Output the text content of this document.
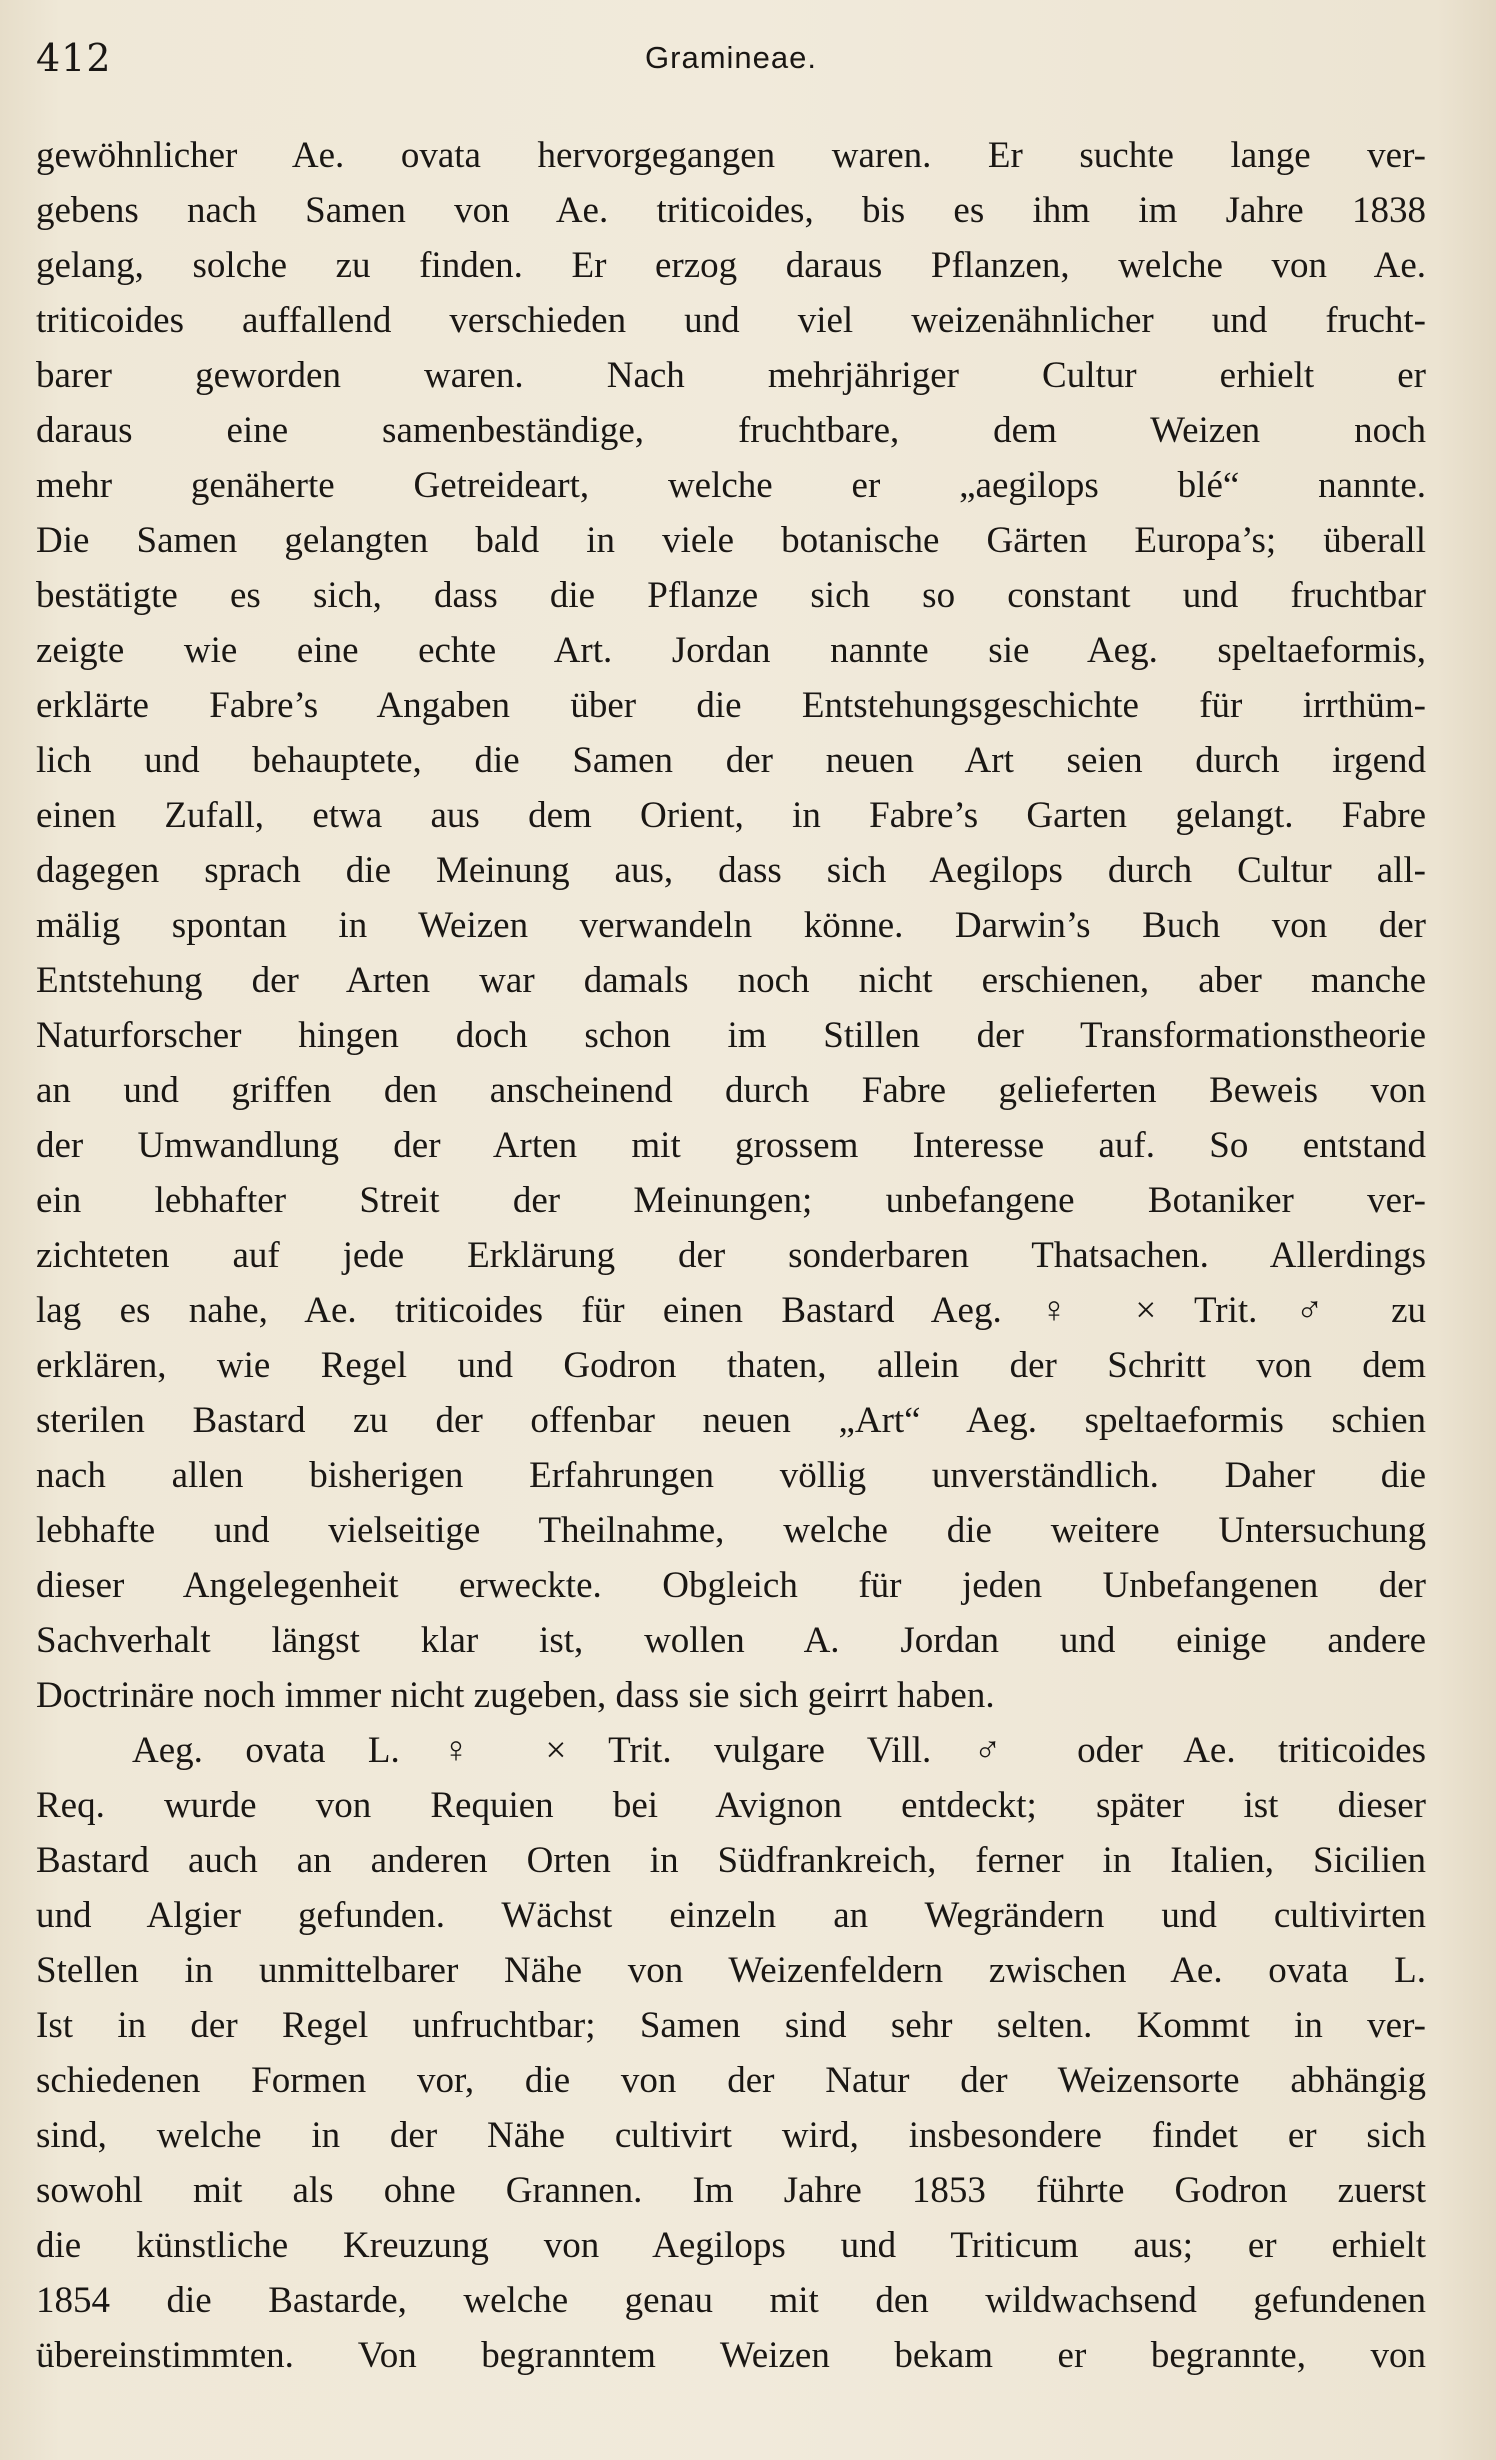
412	Gramineae.
gewöhnlicher Ae. ovata hervorgegangen waren. Er suchte lange ver-
gebens nach Samen von Ae. triticoides, bis es ihm im Jahre 1838
gelang, solche zu finden. Er erzog daraus Pflanzen, welche von Ae.
triticoides auffallend verschieden und viel weizenähnlicher und frucht-
barer geworden waren. Nach mehrjähriger Cultur erhielt er
daraus eine samenbeständige, fruchtbare, dem Weizen noch
mehr genäherte Getreideart, welche er „aegilops blé“ nannte.
Die Samen gelangten bald in viele botanische Gärten Europa’s; überall
bestätigte es sich, dass die Pflanze sich so constant und fruchtbar
zeigte wie eine echte Art. Jordan nannte sie Aeg. speltaeformis,
erklärte Fabre’s Angaben über die Entstehungsgeschichte für irrthüm-
lich und behauptete, die Samen der neuen Art seien durch irgend
einen Zufall, etwa aus dem Orient, in Fabre’s Garten gelangt. Fabre
dagegen sprach die Meinung aus, dass sich Aegilops durch Cultur all-
mälig spontan in Weizen verwandeln könne. Darwin’s Buch von der
Entstehung der Arten war damals noch nicht erschienen, aber manche
Naturforscher hingen doch schon im Stillen der Transformationstheorie
an und griffen den anscheinend durch Fabre gelieferten Beweis von
der Umwandlung der Arten mit grossem Interesse auf. So entstand
ein lebhafter Streit der Meinungen; unbefangene Botaniker ver-
zichteten auf jede Erklärung der sonderbaren Thatsachen. Allerdings
lag es nahe, Ae. triticoides für einen Bastard Aeg. ♀ × Trit. ♂ zu
erklären, wie Regel und Godron thaten, allein der Schritt von dem
sterilen Bastard zu der offenbar neuen „Art“ Aeg. speltaeformis schien
nach allen bisherigen Erfahrungen völlig unverständlich. Daher die
lebhafte und vielseitige Theilnahme, welche die weitere Untersuchung
dieser Angelegenheit erweckte. Obgleich für jeden Unbefangenen der
Sachverhalt längst klar ist, wollen A. Jordan und einige andere
Doctrinäre noch immer nicht zugeben, dass sie sich geirrt haben.
Aeg. ovata L. ♀ × Trit. vulgare Vill. ♂ oder Ae. triticoides
Req. wurde von Requien bei Avignon entdeckt; später ist dieser
Bastard auch an anderen Orten in Südfrankreich, ferner in Italien, Sicilien
und Algier gefunden. Wächst einzeln an Wegrändern und cultivirten
Stellen in unmittelbarer Nähe von Weizenfeldern zwischen Ae. ovata L.
Ist in der Regel unfruchtbar; Samen sind sehr selten. Kommt in ver-
schiedenen Formen vor, die von der Natur der Weizensorte abhängig
sind, welche in der Nähe cultivirt wird, insbesondere findet er sich
sowohl mit als ohne Grannen. Im Jahre 1853 führte Godron zuerst
die künstliche Kreuzung von Aegilops und Triticum aus; er erhielt
1854 die Bastarde, welche genau mit den wildwachsend gefundenen
übereinstimmten. Von begranntem Weizen bekam er begrannte, von
